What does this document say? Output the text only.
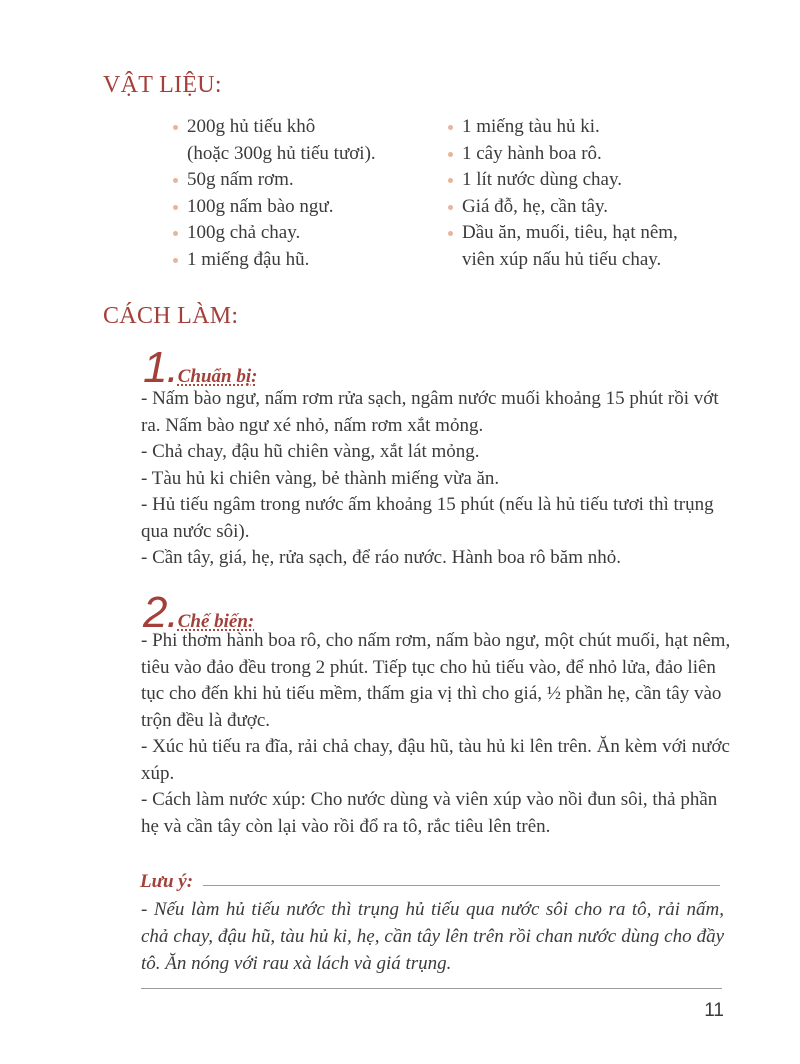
VẬT LIỆU:
200g hủ tiếu khô
(hoặc 300g hủ tiếu tươi).
50g nấm rơm.
100g nấm bào ngư.
100g chả chay.
1 miếng đậu hũ.
1 miếng tàu hủ ki.
1 cây hành boa rô.
1 lít nước dùng chay.
Giá đỗ, hẹ, cần tây.
Dầu ăn, muối, tiêu, hạt nêm,
viên xúp nấu hủ tiếu chay.
CÁCH LÀM:
1.Chuẩn bị:

- Nấm bào ngư, nấm rơm rửa sạch, ngâm nước muối khoảng 15 phút rồi vớt ra. Nấm bào ngư xé nhỏ, nấm rơm xắt mỏng.

- Chả chay, đậu hũ chiên vàng, xắt lát mỏng.

- Tàu hủ ki chiên vàng, bẻ thành miếng vừa ăn.

- Hủ tiếu ngâm trong nước ấm khoảng 15 phút (nếu là hủ tiếu tươi thì trụng qua nước sôi).

- Cần tây, giá, hẹ, rửa sạch, để ráo nước. Hành boa rô băm nhỏ.

2.Chế biến:

- Phi thơm hành boa rô, cho nấm rơm, nấm bào ngư, một chút muối, hạt nêm, tiêu vào đảo đều trong 2 phút. Tiếp tục cho hủ tiếu vào, để nhỏ lửa, đảo liên tục cho đến khi hủ tiếu mềm, thấm gia vị thì cho giá, ½ phần hẹ, cần tây vào trộn đều là được.

- Xúc hủ tiếu ra đĩa, rải chả chay, đậu hũ, tàu hủ ki lên trên. Ăn kèm với nước xúp.

- Cách làm nước xúp: Cho nước dùng và viên xúp vào nồi đun sôi, thả phần hẹ và cần tây còn lại vào rồi đổ ra tô, rắc tiêu lên trên.

Lưu ý:
- Nếu làm hủ tiếu nước thì trụng hủ tiếu qua nước sôi cho ra tô, rải nấm, chả chay, đậu hũ, tàu hủ ki, hẹ, cần tây lên trên rồi chan nước dùng cho đầy tô. Ăn nóng với rau xà lách và giá trụng.
11
